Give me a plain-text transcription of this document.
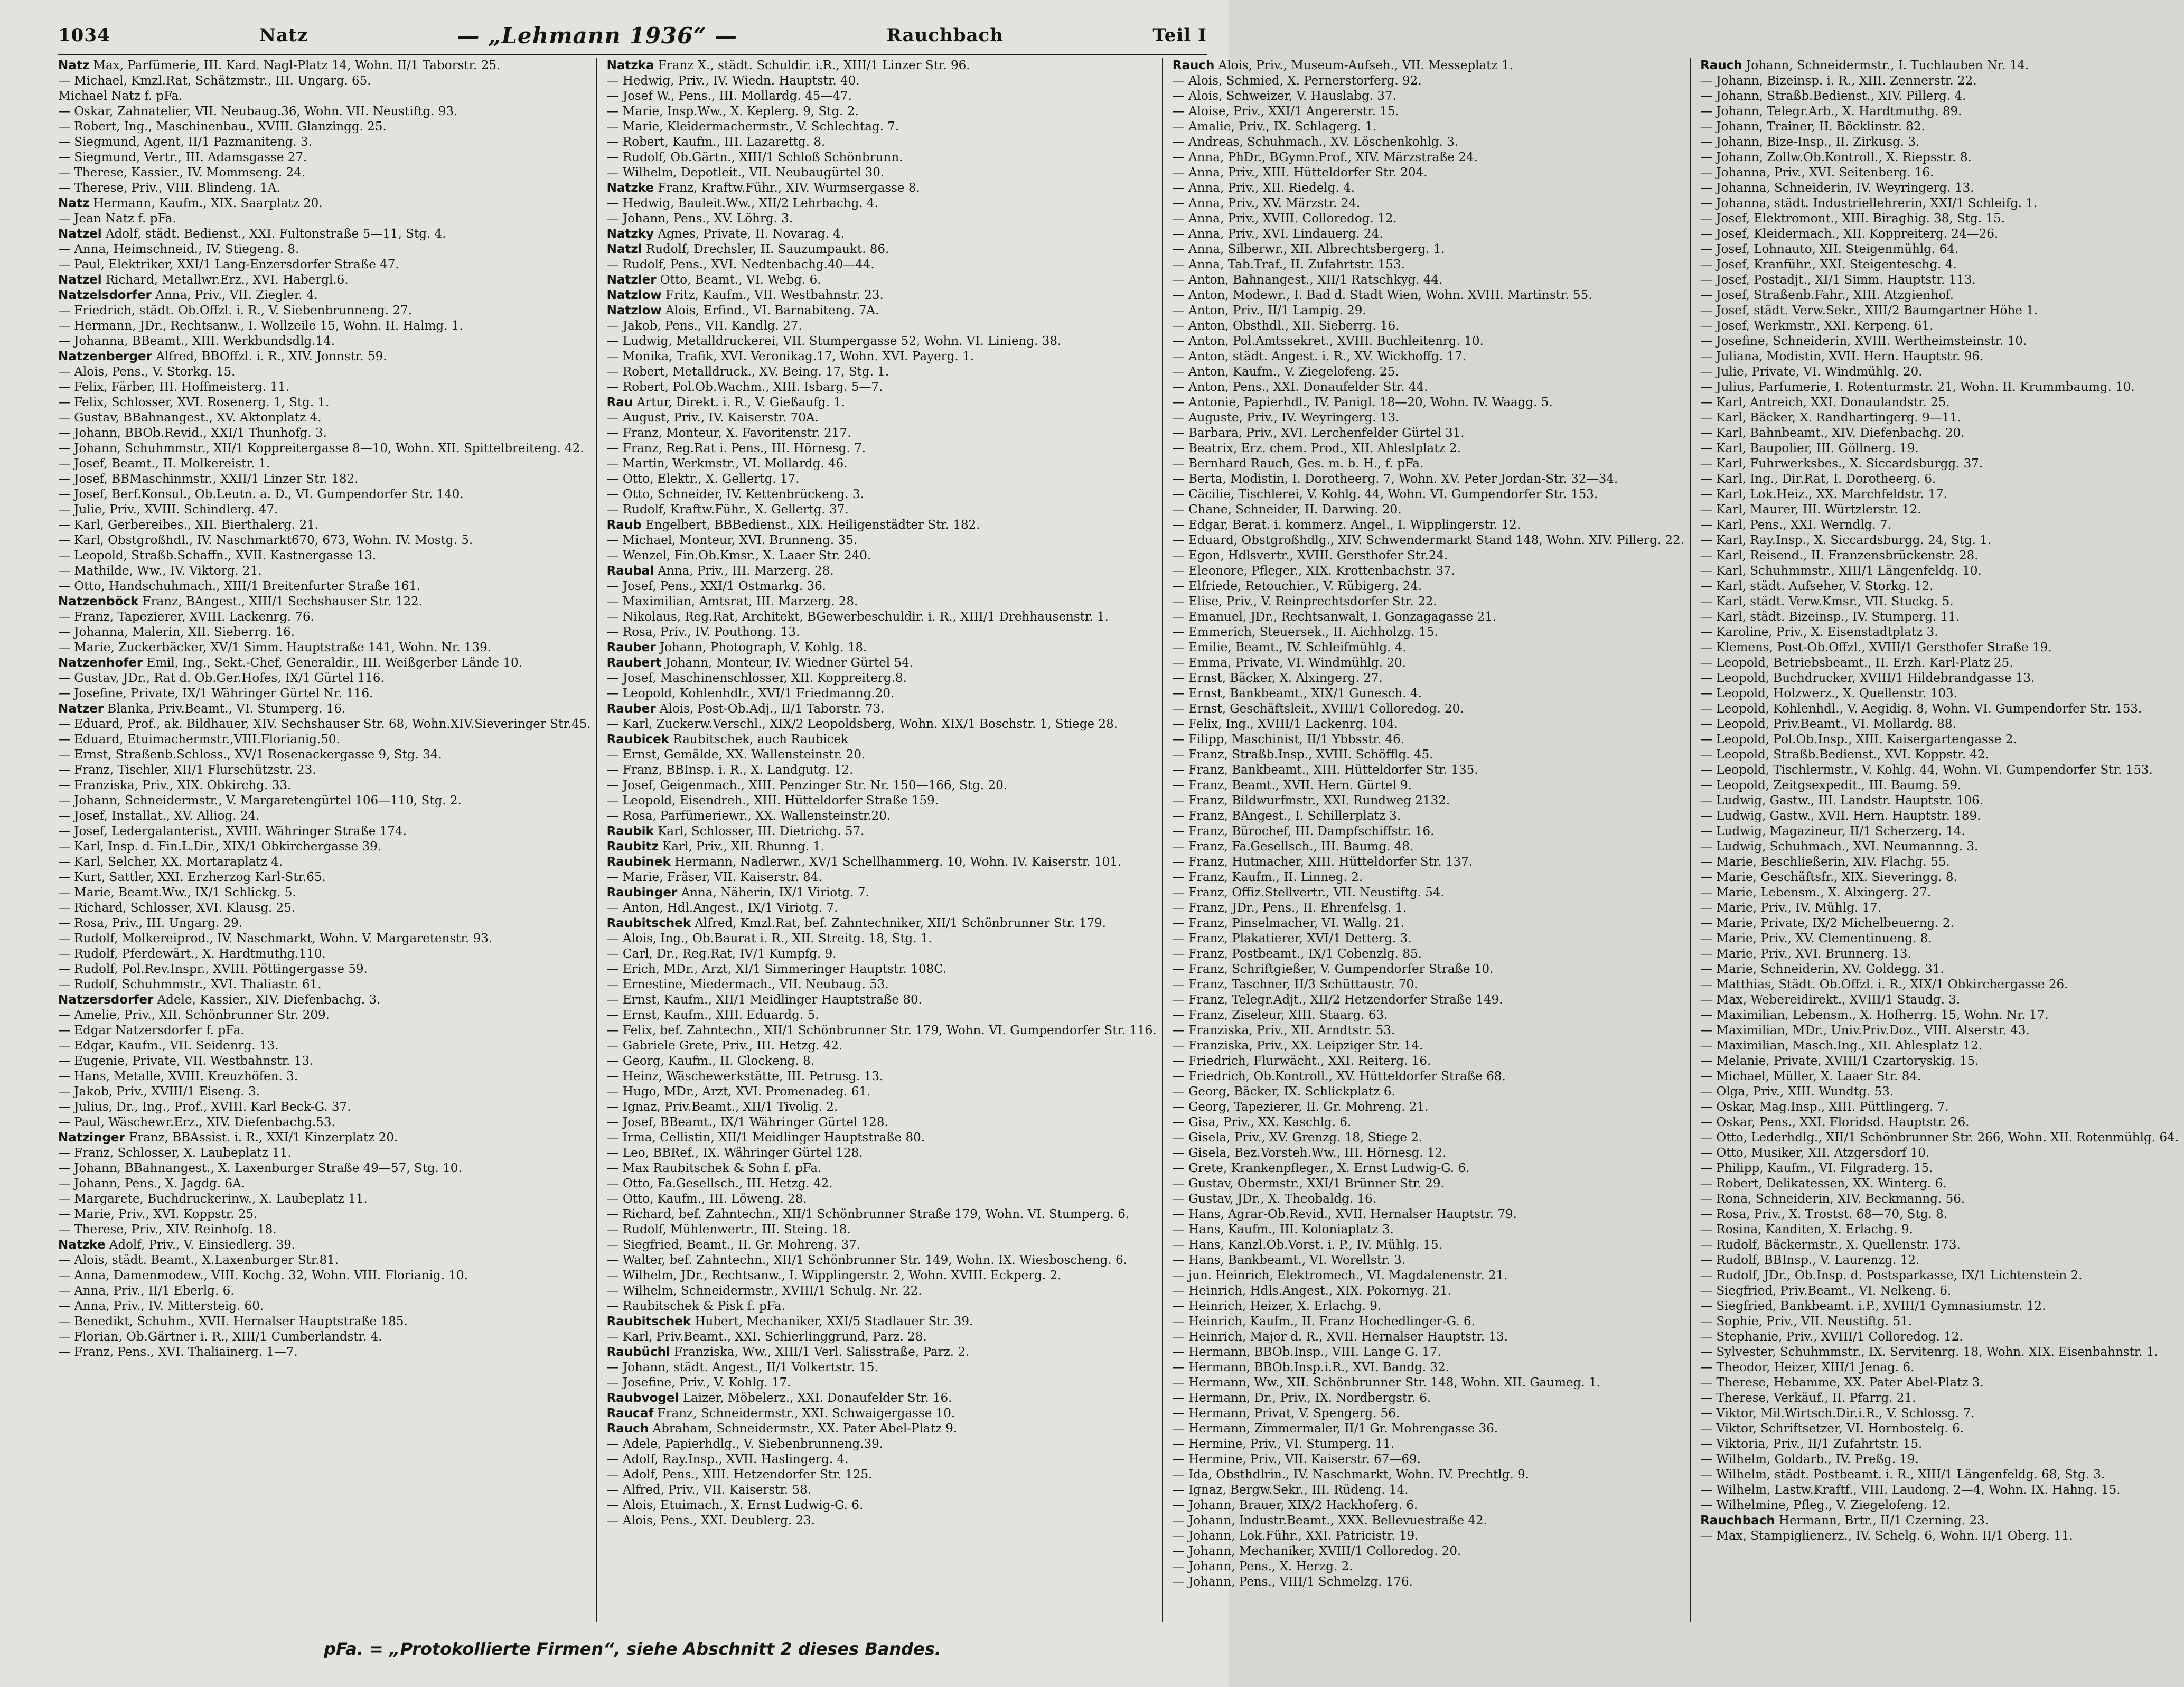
1034	Natz	— „Lehmann 1936“ —	Rauchbach	Teil I
Natz Max, Parfümerie, III. Kard. Nagl-Platz 14, Wohn. II/1 Taborstr. 25.
— Michael, Kmzl.Rat, Schätzmstr., III. Ungarg. 65.
Michael Natz f. pFa.
— Oskar, Zahnatelier, VII. Neubaug.36, Wohn. VII. Neustiftg. 93.
— Robert, Ing., Maschinenbau., XVIII. Glanzingg. 25.
— Siegmund, Agent, II/1 Pazmaniteng. 3.
— Siegmund, Vertr., III. Adamsgasse 27.
— Therese, Kassier., IV. Mommseng. 24.
— Therese, Priv., VIII. Blindeng. 1A.
Natz Hermann, Kaufm., XIX. Saarplatz 20.
— Jean Natz f. pFa.
Natzel Adolf, städt. Bedienst., XXI. Fultonstraße 5—11, Stg. 4.
— Anna, Heimschneid., IV. Stiegeng. 8.
— Paul, Elektriker, XXI/1 Lang-Enzersdorfer Straße 47.
Natzel Richard, Metallwr.Erz., XVI. Habergl.6.
Natzelsdorfer Anna, Priv., VII. Ziegler. 4.
— Friedrich, städt. Ob.Offzl. i. R., V. Siebenbrunneng. 27.
— Hermann, JDr., Rechtsanw., I. Wollzeile 15, Wohn. II. Halmg. 1.
— Johanna, BBeamt., XIII. Werkbundsdlg.14.
Natzenberger Alfred, BBOffzl. i. R., XIV. Jonnstr. 59.
— Alois, Pens., V. Storkg. 15.
— Felix, Färber, III. Hoffmeisterg. 11.
— Felix, Schlosser, XVI. Rosenerg. 1, Stg. 1.
— Gustav, BBahnangest., XV. Aktonplatz 4.
— Johann, BBOb.Revid., XXI/1 Thunhofg. 3.
— Johann, Schuhmmstr., XII/1 Koppreitergasse 8—10, Wohn. XII. Spittelbreiteng. 42.
— Josef, Beamt., II. Molkereistr. 1.
— Josef, BBMaschinmstr., XXII/1 Linzer Str. 182.
— Josef, Berf.Konsul., Ob.Leutn. a. D., VI. Gumpendorfer Str. 140.
— Julie, Priv., XVIII. Schindlerg. 47.
— Karl, Gerbereibes., XII. Bierthalerg. 21.
— Karl, Obstgroßhdl., IV. Naschmarkt670, 673, Wohn. IV. Mostg. 5.
— Leopold, Straßb.Schaffn., XVII. Kastnergasse 13.
— Mathilde, Ww., IV. Viktorg. 21.
— Otto, Handschuhmach., XIII/1 Breitenfurter Straße 161.
Natzenböck Franz, BAngest., XIII/1 Sechshauser Str. 122.
— Franz, Tapezierer, XVIII. Lackenrg. 76.
— Johanna, Malerin, XII. Sieberrg. 16.
— Marie, Zuckerbäcker, XV/1 Simm. Hauptstraße 141, Wohn. Nr. 139.
Natzenhofer Emil, Ing., Sekt.-Chef, Generaldir., III. Weißgerber Lände 10.
— Gustav, JDr., Rat d. Ob.Ger.Hofes, IX/1 Gürtel 116.
— Josefine, Private, IX/1 Währinger Gürtel Nr. 116.
Natzer Blanka, Priv.Beamt., VI. Stumperg. 16.
— Eduard, Prof., ak. Bildhauer, XIV. Sechshauser Str. 68, Wohn.XIV.Sieveringer Str.45.
— Eduard, Etuimachermstr.,VIII.Florianig.50.
— Ernst, Straßenb.Schloss., XV/1 Rosenackergasse 9, Stg. 34.
— Franz, Tischler, XII/1 Flurschützstr. 23.
— Franziska, Priv., XIX. Obkirchg. 33.
— Johann, Schneidermstr., V. Margaretengürtel 106—110, Stg. 2.
— Josef, Installat., XV. Alliog. 24.
— Josef, Ledergalanterist., XVIII. Währinger Straße 174.
— Karl, Insp. d. Fin.L.Dir., XIX/1 Obkirchergasse 39.
— Karl, Selcher, XX. Mortaraplatz 4.
— Kurt, Sattler, XXI. Erzherzog Karl-Str.65.
— Marie, Beamt.Ww., IX/1 Schlickg. 5.
— Richard, Schlosser, XVI. Klausg. 25.
— Rosa, Priv., III. Ungarg. 29.
— Rudolf, Molkereiprod., IV. Naschmarkt, Wohn. V. Margaretenstr. 93.
— Rudolf, Pferdewärt., X. Hardtmuthg.110.
— Rudolf, Pol.Rev.Inspr., XVIII. Pöttingergasse 59.
— Rudolf, Schuhmmstr., XVI. Thaliastr. 61.
Natzersdorfer Adele, Kassier., XIV. Diefenbachg. 3.
— Amelie, Priv., XII. Schönbrunner Str. 209.
— Edgar Natzersdorfer f. pFa.
— Edgar, Kaufm., VII. Seidenrg. 13.
— Eugenie, Private, VII. Westbahnstr. 13.
— Hans, Metalle, XVIII. Kreuzhöfen. 3.
— Jakob, Priv., XVIII/1 Eiseng. 3.
— Julius, Dr., Ing., Prof., XVIII. Karl Beck-G. 37.
— Paul, Wäschewr.Erz., XIV. Diefenbachg.53.
Natzinger Franz, BBAssist. i. R., XXI/1 Kinzerplatz 20.
— Franz, Schlosser, X. Laubeplatz 11.
— Johann, BBahnangest., X. Laxenburger Straße 49—57, Stg. 10.
— Johann, Pens., X. Jagdg. 6A.
— Margarete, Buchdruckerinw., X. Laubeplatz 11.
— Marie, Priv., XVI. Koppstr. 25.
— Therese, Priv., XIV. Reinhofg. 18.
Natzke Adolf, Priv., V. Einsiedlerg. 39.
— Alois, städt. Beamt., X.Laxenburger Str.81.
— Anna, Damenmodew., VIII. Kochg. 32, Wohn. VIII. Florianig. 10.
— Anna, Priv., II/1 Eberlg. 6.
— Anna, Priv., IV. Mittersteig. 60.
— Benedikt, Schuhm., XVII. Hernalser Hauptstraße 185.
— Florian, Ob.Gärtner i. R., XIII/1 Cumberlandstr. 4.
— Franz, Pens., XVI. Thaliainerg. 1—7.
Natzka Franz X., städt. Schuldir. i.R., XIII/1 Linzer Str. 96.
— Hedwig, Priv., IV. Wiedn. Hauptstr. 40.
— Josef W., Pens., III. Mollardg. 45—47.
— Marie, Insp.Ww., X. Keplerg. 9, Stg. 2.
— Marie, Kleidermachermstr., V. Schlechtag. 7.
— Robert, Kaufm., III. Lazarettg. 8.
— Rudolf, Ob.Gärtn., XIII/1 Schloß Schönbrunn.
— Wilhelm, Depotleit., VII. Neubaugürtel 30.
Natzke Franz, Kraftw.Führ., XIV. Wurmsergasse 8.
— Hedwig, Bauleit.Ww., XII/2 Lehrbachg. 4.
— Johann, Pens., XV. Löhrg. 3.
Natzky Agnes, Private, II. Novarag. 4.
Natzl Rudolf, Drechsler, II. Sauzumpaukt. 86.
— Rudolf, Pens., XVI. Nedtenbachg.40—44.
Natzler Otto, Beamt., VI. Webg. 6.
Natzlow Fritz, Kaufm., VII. Westbahnstr. 23.
Natzlow Alois, Erfind., VI. Barnabiteng. 7A.
— Jakob, Pens., VII. Kandlg. 27.
— Ludwig, Metalldruckerei, VII. Stumpergasse 52, Wohn. VI. Linieng. 38.
— Monika, Trafik, XVI. Veronikag.17, Wohn. XVI. Payerg. 1.
— Robert, Metalldruck., XV. Being. 17, Stg. 1.
— Robert, Pol.Ob.Wachm., XIII. Isbarg. 5—7.
Rau Artur, Direkt. i. R., V. Gießaufg. 1.
— August, Priv., IV. Kaiserstr. 70A.
— Franz, Monteur, X. Favoritenstr. 217.
— Franz, Reg.Rat i. Pens., III. Hörnesg. 7.
— Martin, Werkmstr., VI. Mollardg. 46.
— Otto, Elektr., X. Gellertg. 17.
— Otto, Schneider, IV. Kettenbrückeng. 3.
— Rudolf, Kraftw.Führ., X. Gellertg. 37.
Raub Engelbert, BBBedienst., XIX. Heiligenstädter Str. 182.
— Michael, Monteur, XVI. Brunneng. 35.
— Wenzel, Fin.Ob.Kmsr., X. Laaer Str. 240.
Raubal Anna, Priv., III. Marzerg. 28.
— Josef, Pens., XXI/1 Ostmarkg. 36.
— Maximilian, Amtsrat, III. Marzerg. 28.
— Nikolaus, Reg.Rat, Architekt, BGewerbeschuldir. i. R., XIII/1 Drehhausenstr. 1.
— Rosa, Priv., IV. Pouthong. 13.
Rauber Johann, Photograph, V. Kohlg. 18.
Raubert Johann, Monteur, IV. Wiedner Gürtel 54.
— Josef, Maschinenschlosser, XII. Koppreiterg.8.
— Leopold, Kohlenhdlr., XVI/1 Friedmanng.20.
Rauber Alois, Post-Ob.Adj., II/1 Taborstr. 73.
— Karl, Zuckerw.Verschl., XIX/2 Leopoldsberg, Wohn. XIX/1 Boschstr. 1, Stiege 28.
Raubicek Raubitschek, auch Raubicek
— Ernst, Gemälde, XX. Wallensteinstr. 20.
— Franz, BBInsp. i. R., X. Landgutg. 12.
— Josef, Geigenmach., XIII. Penzinger Str. Nr. 150—166, Stg. 20.
— Leopold, Eisendreh., XIII. Hütteldorfer Straße 159.
— Rosa, Parfümeriewr., XX. Wallensteinstr.20.
Raubik Karl, Schlosser, III. Dietrichg. 57.
Raubitz Karl, Priv., XII. Rhunng. 1.
Raubinek Hermann, Nadlerwr., XV/1 Schellhammerg. 10, Wohn. IV. Kaiserstr. 101.
— Marie, Fräser, VII. Kaiserstr. 84.
Raubinger Anna, Näherin, IX/1 Viriotg. 7.
— Anton, Hdl.Angest., IX/1 Viriotg. 7.
Raubitschek Alfred, Kmzl.Rat, bef. Zahntechniker, XII/1 Schönbrunner Str. 179.
— Alois, Ing., Ob.Baurat i. R., XII. Streitg. 18, Stg. 1.
— Carl, Dr., Reg.Rat, IV/1 Kumpfg. 9.
— Erich, MDr., Arzt, XI/1 Simmeringer Hauptstr. 108C.
— Ernestine, Miedermach., VII. Neubaug. 53.
— Ernst, Kaufm., XII/1 Meidlinger Hauptstraße 80.
— Ernst, Kaufm., XIII. Eduardg. 5.
— Felix, bef. Zahntechn., XII/1 Schönbrunner Str. 179, Wohn. VI. Gumpendorfer Str. 116.
— Gabriele Grete, Priv., III. Hetzg. 42.
— Georg, Kaufm., II. Glockeng. 8.
— Heinz, Wäschewerkstätte, III. Petrusg. 13.
— Hugo, MDr., Arzt, XVI. Promenadeg. 61.
— Ignaz, Priv.Beamt., XII/1 Tivolig. 2.
— Josef, BBeamt., IX/1 Währinger Gürtel 128.
— Irma, Cellistin, XII/1 Meidlinger Hauptstraße 80.
— Leo, BBRef., IX. Währinger Gürtel 128.
— Max Raubitschek & Sohn f. pFa.
— Otto, Fa.Gesellsch., III. Hetzg. 42.
— Otto, Kaufm., III. Löweng. 28.
— Richard, bef. Zahntechn., XII/1 Schönbrunner Straße 179, Wohn. VI. Stumperg. 6.
— Rudolf, Mühlenwertr., III. Steing. 18.
— Siegfried, Beamt., II. Gr. Mohreng. 37.
— Walter, bef. Zahntechn., XII/1 Schönbrunner Str. 149, Wohn. IX. Wiesboscheng. 6.
— Wilhelm, JDr., Rechtsanw., I. Wipplingerstr. 2, Wohn. XVIII. Eckperg. 2.
— Wilhelm, Schneidermstr., XVIII/1 Schulg. Nr. 22.
— Raubitschek & Pisk f. pFa.
Raubitschek Hubert, Mechaniker, XXI/5 Stadlauer Str. 39.
— Karl, Priv.Beamt., XXI. Schierlinggrund, Parz. 28.
Raubüchl Franziska, Ww., XIII/1 Verl. Salisstraße, Parz. 2.
— Johann, städt. Angest., II/1 Volkertstr. 15.
— Josefine, Priv., V. Kohlg. 17.
Raubvogel Laizer, Möbelerz., XXI. Donaufelder Str. 16.
Raucaf Franz, Schneidermstr., XXI. Schwaigergasse 10.
Rauch Abraham, Schneidermstr., XX. Pater Abel-Platz 9.
— Adele, Papierhdlg., V. Siebenbrunneng.39.
— Adolf, Ray.Insp., XVII. Haslingerg. 4.
— Adolf, Pens., XIII. Hetzendorfer Str. 125.
— Alfred, Priv., VII. Kaiserstr. 58.
— Alois, Etuimach., X. Ernst Ludwig-G. 6.
— Alois, Pens., XXI. Deublerg. 23.
Rauch Alois, Priv., Museum-Aufseh., VII. Messeplatz 1.
— Alois, Schmied, X. Pernerstorferg. 92.
— Alois, Schweizer, V. Hauslabg. 37.
— Aloise, Priv., XXI/1 Angererstr. 15.
— Amalie, Priv., IX. Schlagerg. 1.
— Andreas, Schuhmach., XV. Löschenkohlg. 3.
— Anna, PhDr., BGymn.Prof., XIV. Märzstraße 24.
— Anna, Priv., XIII. Hütteldorfer Str. 204.
— Anna, Priv., XII. Riedelg. 4.
— Anna, Priv., XV. Märzstr. 24.
— Anna, Priv., XVIII. Colloredog. 12.
— Anna, Priv., XVI. Lindauerg. 24.
— Anna, Silberwr., XII. Albrechtsbergerg. 1.
— Anna, Tab.Traf., II. Zufahrtstr. 153.
— Anton, Bahnangest., XII/1 Ratschkyg. 44.
— Anton, Modewr., I. Bad d. Stadt Wien, Wohn. XVIII. Martinstr. 55.
— Anton, Priv., II/1 Lampig. 29.
— Anton, Obsthdl., XII. Sieberrg. 16.
— Anton, Pol.Amtssekret., XVIII. Buchleitenrg. 10.
— Anton, städt. Angest. i. R., XV. Wickhoffg. 17.
— Anton, Kaufm., V. Ziegelofeng. 25.
— Anton, Pens., XXI. Donaufelder Str. 44.
— Antonie, Papierhdl., IV. Panigl. 18—20, Wohn. IV. Waagg. 5.
— Auguste, Priv., IV. Weyringerg. 13.
— Barbara, Priv., XVI. Lerchenfelder Gürtel 31.
— Beatrix, Erz. chem. Prod., XII. Ahleslplatz 2.
— Bernhard Rauch, Ges. m. b. H., f. pFa.
— Berta, Modistin, I. Dorotheerg. 7, Wohn. XV. Peter Jordan-Str. 32—34.
— Cäcilie, Tischlerei, V. Kohlg. 44, Wohn. VI. Gumpendorfer Str. 153.
— Chane, Schneider, II. Darwing. 20.
— Edgar, Berat. i. kommerz. Angel., I. Wipplingerstr. 12.
— Eduard, Obstgroßhdlg., XIV. Schwendermarkt Stand 148, Wohn. XIV. Pillerg. 22.
— Egon, Hdlsvertr., XVIII. Gersthofer Str.24.
— Eleonore, Pfleger., XIX. Krottenbachstr. 37.
— Elfriede, Retouchier., V. Rübigerg. 24.
— Elise, Priv., V. Reinprechtsdorfer Str. 22.
— Emanuel, JDr., Rechtsanwalt, I. Gonzagagasse 21.
— Emmerich, Steuersek., II. Aichholzg. 15.
— Emilie, Beamt., IV. Schleifmühlg. 4.
— Emma, Private, VI. Windmühlg. 20.
— Ernst, Bäcker, X. Alxingerg. 27.
— Ernst, Bankbeamt., XIX/1 Gunesch. 4.
— Ernst, Geschäftsleit., XVIII/1 Colloredog. 20.
— Felix, Ing., XVIII/1 Lackenrg. 104.
— Filipp, Maschinist, II/1 Ybbsstr. 46.
— Franz, Straßb.Insp., XVIII. Schöfflg. 45.
— Franz, Bankbeamt., XIII. Hütteldorfer Str. 135.
— Franz, Beamt., XVII. Hern. Gürtel 9.
— Franz, Bildwurfmstr., XXI. Rundweg 2132.
— Franz, BAngest., I. Schillerplatz 3.
— Franz, Bürochef, III. Dampfschiffstr. 16.
— Franz, Fa.Gesellsch., III. Baumg. 48.
— Franz, Hutmacher, XIII. Hütteldorfer Str. 137.
— Franz, Kaufm., II. Linneg. 2.
— Franz, Offiz.Stellvertr., VII. Neustiftg. 54.
— Franz, JDr., Pens., II. Ehrenfelsg. 1.
— Franz, Pinselmacher, VI. Wallg. 21.
— Franz, Plakatierer, XVI/1 Detterg. 3.
— Franz, Postbeamt., IX/1 Cobenzlg. 85.
— Franz, Schriftgießer, V. Gumpendorfer Straße 10.
— Franz, Taschner, II/3 Schüttaustr. 70.
— Franz, Telegr.Adjt., XII/2 Hetzendorfer Straße 149.
— Franz, Ziseleur, XIII. Staarg. 63.
— Franziska, Priv., XII. Arndtstr. 53.
— Franziska, Priv., XX. Leipziger Str. 14.
— Friedrich, Flurwächt., XXI. Reiterg. 16.
— Friedrich, Ob.Kontroll., XV. Hütteldorfer Straße 68.
— Georg, Bäcker, IX. Schlickplatz 6.
— Georg, Tapezierer, II. Gr. Mohreng. 21.
— Gisa, Priv., XX. Kaschlg. 6.
— Gisela, Priv., XV. Grenzg. 18, Stiege 2.
— Gisela, Bez.Vorsteh.Ww., III. Hörnesg. 12.
— Grete, Krankenpfleger., X. Ernst Ludwig-G. 6.
— Gustav, Obermstr., XXI/1 Brünner Str. 29.
— Gustav, JDr., X. Theobaldg. 16.
— Hans, Agrar-Ob.Revid., XVII. Hernalser Hauptstr. 79.
— Hans, Kaufm., III. Koloniaplatz 3.
— Hans, Kanzl.Ob.Vorst. i. P., IV. Mühlg. 15.
— Hans, Bankbeamt., VI. Worellstr. 3.
— jun. Heinrich, Elektromech., VI. Magdalenenstr. 21.
— Heinrich, Hdls.Angest., XIX. Pokornyg. 21.
— Heinrich, Heizer, X. Erlachg. 9.
— Heinrich, Kaufm., II. Franz Hochedlinger-G. 6.
— Heinrich, Major d. R., XVII. Hernalser Hauptstr. 13.
— Hermann, BBOb.Insp., VIII. Lange G. 17.
— Hermann, BBOb.Insp.i.R., XVI. Bandg. 32.
— Hermann, Ww., XII. Schönbrunner Str. 148, Wohn. XII. Gaumeg. 1.
— Hermann, Dr., Priv., IX. Nordbergstr. 6.
— Hermann, Privat, V. Spengerg. 56.
— Hermann, Zimmermaler, II/1 Gr. Mohrengasse 36.
— Hermine, Priv., VI. Stumperg. 11.
— Hermine, Priv., VII. Kaiserstr. 67—69.
— Ida, Obsthdlrin., IV. Naschmarkt, Wohn. IV. Prechtlg. 9.
— Ignaz, Bergw.Sekr., III. Rüdeng. 14.
— Johann, Brauer, XIX/2 Hackhoferg. 6.
— Johann, Industr.Beamt., XXX. Bellevuestraße 42.
— Johann, Lok.Führ., XXI. Patricistr. 19.
— Johann, Mechaniker, XVIII/1 Colloredog. 20.
— Johann, Pens., X. Herzg. 2.
— Johann, Pens., VIII/1 Schmelzg. 176.
Rauch Johann, Schneidermstr., I. Tuchlauben Nr. 14.
— Johann, Bizeinsp. i. R., XIII. Zennerstr. 22.
— Johann, Straßb.Bedienst., XIV. Pillerg. 4.
— Johann, Telegr.Arb., X. Hardtmuthg. 89.
— Johann, Trainer, II. Böcklinstr. 82.
— Johann, Bize-Insp., II. Zirkusg. 3.
— Johann, Zollw.Ob.Kontroll., X. Riepsstr. 8.
— Johanna, Priv., XVI. Seitenberg. 16.
— Johanna, Schneiderin, IV. Weyringerg. 13.
— Johanna, städt. Industriellehrerin, XXI/1 Schleifg. 1.
— Josef, Elektromont., XIII. Biraghig. 38, Stg. 15.
— Josef, Kleidermach., XII. Koppreiterg. 24—26.
— Josef, Lohnauto, XII. Steigenmühlg. 64.
— Josef, Kranführ., XXI. Steigenteschg. 4.
— Josef, Postadjt., XI/1 Simm. Hauptstr. 113.
— Josef, Straßenb.Fahr., XIII. Atzgienhof.
— Josef, städt. Verw.Sekr., XIII/2 Baumgartner Höhe 1.
— Josef, Werkmstr., XXI. Kerpeng. 61.
— Josefine, Schneiderin, XVIII. Wertheimsteinstr. 10.
— Juliana, Modistin, XVII. Hern. Hauptstr. 96.
— Julie, Private, VI. Windmühlg. 20.
— Julius, Parfumerie, I. Rotenturmstr. 21, Wohn. II. Krummbaumg. 10.
— Karl, Antreich, XXI. Donaulandstr. 25.
— Karl, Bäcker, X. Randhartingerg. 9—11.
— Karl, Bahnbeamt., XIV. Diefenbachg. 20.
— Karl, Baupolier, III. Göllnerg. 19.
— Karl, Fuhrwerksbes., X. Siccardsburgg. 37.
— Karl, Ing., Dir.Rat, I. Dorotheerg. 6.
— Karl, Lok.Heiz., XX. Marchfeldstr. 17.
— Karl, Maurer, III. Würtzlerstr. 12.
— Karl, Pens., XXI. Werndlg. 7.
— Karl, Ray.Insp., X. Siccardsburgg. 24, Stg. 1.
— Karl, Reisend., II. Franzensbrückenstr. 28.
— Karl, Schuhmmstr., XIII/1 Längenfeldg. 10.
— Karl, städt. Aufseher, V. Storkg. 12.
— Karl, städt. Verw.Kmsr., VII. Stuckg. 5.
— Karl, städt. Bizeinsp., IV. Stumperg. 11.
— Karoline, Priv., X. Eisenstadtplatz 3.
— Klemens, Post-Ob.Offzl., XVIII/1 Gersthofer Straße 19.
— Leopold, Betriebsbeamt., II. Erzh. Karl-Platz 25.
— Leopold, Buchdrucker, XVIII/1 Hildebrandgasse 13.
— Leopold, Holzwerz., X. Quellenstr. 103.
— Leopold, Kohlenhdl., V. Aegidig. 8, Wohn. VI. Gumpendorfer Str. 153.
— Leopold, Priv.Beamt., VI. Mollardg. 88.
— Leopold, Pol.Ob.Insp., XIII. Kaisergartengasse 2.
— Leopold, Straßb.Bedienst., XVI. Koppstr. 42.
— Leopold, Tischlermstr., V. Kohlg. 44, Wohn. VI. Gumpendorfer Str. 153.
— Leopold, Zeitgsexpedit., III. Baumg. 59.
— Ludwig, Gastw., III. Landstr. Hauptstr. 106.
— Ludwig, Gastw., XVII. Hern. Hauptstr. 189.
— Ludwig, Magazineur, II/1 Scherzerg. 14.
— Ludwig, Schuhmach., XVI. Neumannng. 3.
— Marie, Beschließerin, XIV. Flachg. 55.
— Marie, Geschäftsfr., XIX. Sieveringg. 8.
— Marie, Lebensm., X. Alxingerg. 27.
— Marie, Priv., IV. Mühlg. 17.
— Marie, Private, IX/2 Michelbeuerng. 2.
— Marie, Priv., XV. Clementinueng. 8.
— Marie, Priv., XVI. Brunnerg. 13.
— Marie, Schneiderin, XV. Goldegg. 31.
— Matthias, Städt. Ob.Offzl. i. R., XIX/1 Obkirchergasse 26.
— Max, Webereidirekt., XVIII/1 Staudg. 3.
— Maximilian, Lebensm., X. Hofherrg. 15, Wohn. Nr. 17.
— Maximilian, MDr., Univ.Priv.Doz., VIII. Alserstr. 43.
— Maximilian, Masch.Ing., XII. Ahlesplatz 12.
— Melanie, Private, XVIII/1 Czartoryskig. 15.
— Michael, Müller, X. Laaer Str. 84.
— Olga, Priv., XIII. Wundtg. 53.
— Oskar, Mag.Insp., XIII. Püttlingerg. 7.
— Oskar, Pens., XXI. Floridsd. Hauptstr. 26.
— Otto, Lederhdlg., XII/1 Schönbrunner Str. 266, Wohn. XII. Rotenmühlg. 64.
— Otto, Musiker, XII. Atzgersdorf 10.
— Philipp, Kaufm., VI. Filgraderg. 15.
— Robert, Delikatessen, XX. Winterg. 6.
— Rona, Schneiderin, XIV. Beckmanng. 56.
— Rosa, Priv., X. Trostst. 68—70, Stg. 8.
— Rosina, Kanditen, X. Erlachg. 9.
— Rudolf, Bäckermstr., X. Quellenstr. 173.
— Rudolf, BBInsp., V. Laurenzg. 12.
— Rudolf, JDr., Ob.Insp. d. Postsparkasse, IX/1 Lichtenstein 2.
— Siegfried, Priv.Beamt., VI. Nelkeng. 6.
— Siegfried, Bankbeamt. i.P., XVIII/1 Gymnasiumstr. 12.
— Sophie, Priv., VII. Neustiftg. 51.
— Stephanie, Priv., XVIII/1 Colloredog. 12.
— Sylvester, Schuhmmstr., IX. Servitenrg. 18, Wohn. XIX. Eisenbahnstr. 1.
— Theodor, Heizer, XIII/1 Jenag. 6.
— Therese, Hebamme, XX. Pater Abel-Platz 3.
— Therese, Verkäuf., II. Pfarrg. 21.
— Viktor, Mil.Wirtsch.Dir.i.R., V. Schlossg. 7.
— Viktor, Schriftsetzer, VI. Hornbostelg. 6.
— Viktoria, Priv., II/1 Zufahrtstr. 15.
— Wilhelm, Goldarb., IV. Preßg. 19.
— Wilhelm, städt. Postbeamt. i. R., XIII/1 Längenfeldg. 68, Stg. 3.
— Wilhelm, Lastw.Kraftf., VIII. Laudong. 2—4, Wohn. IX. Hahng. 15.
— Wilhelmine, Pfleg., V. Ziegelofeng. 12.
Rauchbach Hermann, Brtr., II/1 Czerning. 23.
— Max, Stampiglienerz., IV. Schelg. 6, Wohn. II/1 Oberg. 11.
pFa. = „Protokollierte Firmen“, siehe Abschnitt 2 dieses Bandes.
